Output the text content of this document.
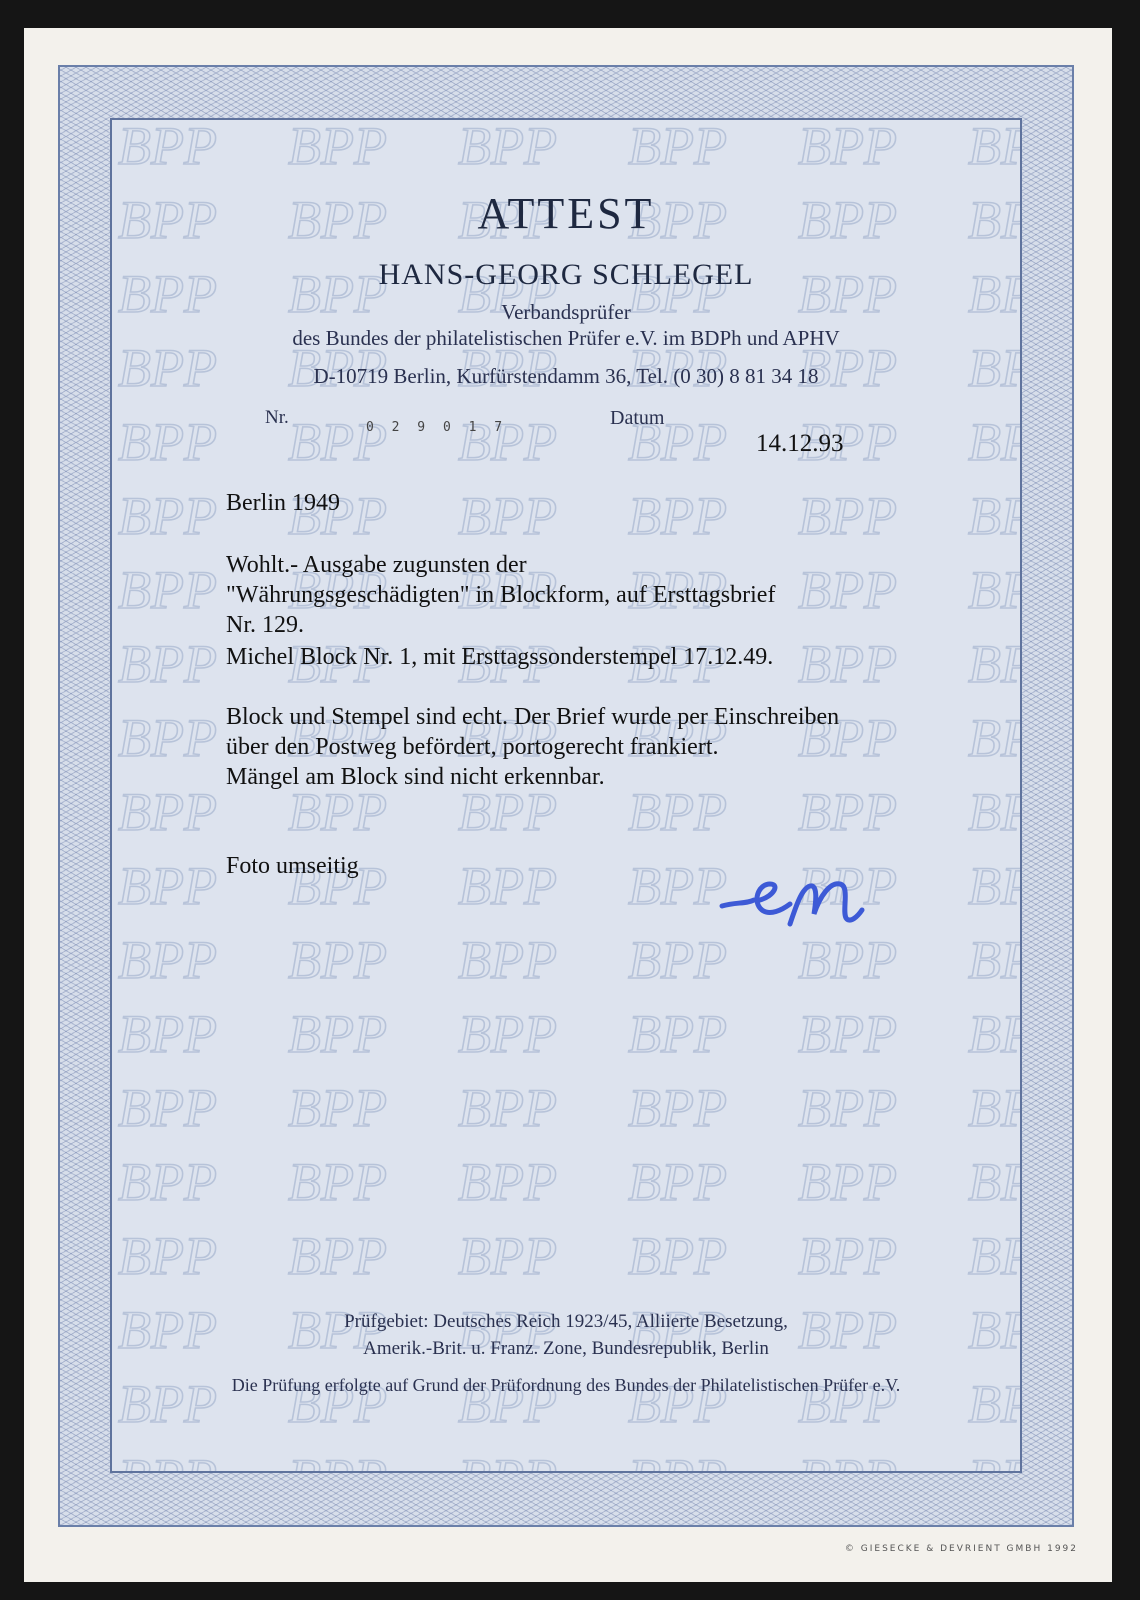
ATTEST
HANS-GEORG SCHLEGEL
Verbandsprüfer
des Bundes der philatelistischen Prüfer e.V. im BDPh und APHV
D-10719 Berlin, Kurfürstendamm 36, Tel. (0 30) 8 81 34 18
Nr.	0 2 9 0 1 7	Datum
14.12.93
Berlin 1949
Wohlt.- Ausgabe zugunsten der
"Währungsgeschädigten" in Blockform, auf Ersttagsbrief
Nr. 129.
Michel Block Nr. 1, mit Ersttagssonderstempel 17.12.49.
Block und Stempel sind echt. Der Brief wurde per Einschreiben
über den Postweg befördert, portogerecht frankiert.
Mängel am Block sind nicht erkennbar.
Foto umseitig
Prüfgebiet: Deutsches Reich 1923/45, Alliierte Besetzung,
Amerik.-Brit. u. Franz. Zone, Bundesrepublik, Berlin
Die Prüfung erfolgte auf Grund der Prüfordnung des Bundes der Philatelistischen Prüfer e.V.
© GIESECKE & DEVRIENT GMBH 1992
